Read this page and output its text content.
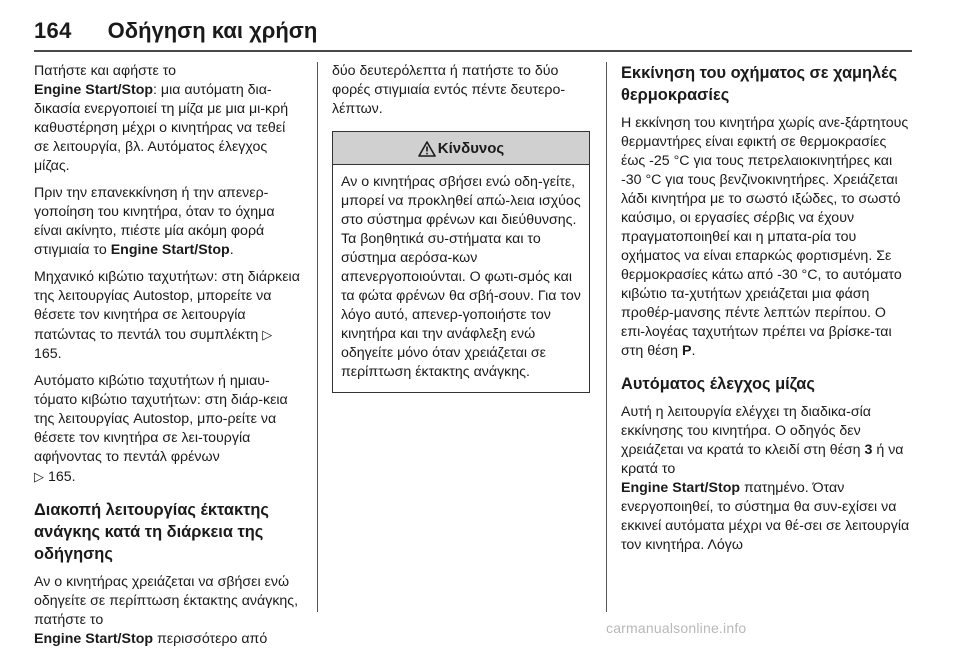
164 Οδήγηση και χρήση

Πατήστε και αφήστε το
Engine Start/Stop: μια αυτόματη δια-δικασία ενεργοποιεί τη μίζα με μια μι-κρή καθυστέρηση μέχρι ο κινητήρας να τεθεί σε λειτουργία, βλ. Αυτόματος έλεγχος μίζας.

Πριν την επανεκκίνηση ή την απενερ-γοποίηση του κινητήρα, όταν το όχημα είναι ακίνητο, πιέστε μία ακόμη φορά στιγμιαία το Engine Start/Stop.

Μηχανικό κιβώτιο ταχυτήτων: στη διάρκεια της λειτουργίας Autostop, μπορείτε να θέσετε τον κινητήρα σε λειτουργία πατώντας το πεντάλ του συμπλέκτη ▷ 165.

Αυτόματο κιβώτιο ταχυτήτων ή ημιαυ-τόματο κιβώτιο ταχυτήτων: στη διάρ-κεια της λειτουργίας Autostop, μπο-ρείτε να θέσετε τον κινητήρα σε λει-τουργία αφήνοντας το πεντάλ φρένων
▷ 165.

Διακοπή λειτουργίας έκτακτης ανάγκης κατά τη διάρκεια της οδήγησης

Αν ο κινητήρας χρειάζεται να σβήσει ενώ οδηγείτε σε περίπτωση έκτακτης ανάγκης, πατήστε το
Engine Start/Stop περισσότερο από

δύο δευτερόλεπτα ή πατήστε το δύο φορές στιγμιαία εντός πέντε δευτερο-λέπτων.

Κίνδυνος
Αν ο κινητήρας σβήσει ενώ οδη-γείτε, μπορεί να προκληθεί απώ-λεια ισχύος στο σύστημα φρένων και διεύθυνσης. Τα βοηθητικά συ-στήματα και το σύστημα αερόσα-κων απενεργοποιούνται. Ο φωτι-σμός και τα φώτα φρένων θα σβή-σουν. Για τον λόγο αυτό, απενερ-γοποιήστε τον κινητήρα και την ανάφλεξη ενώ οδηγείτε μόνο όταν χρειάζεται σε περίπτωση έκτακτης ανάγκης.
Εκκίνηση του οχήματος σε χαμηλές θερμοκρασίες

Η εκκίνηση του κινητήρα χωρίς ανε-ξάρτητους θερμαντήρες είναι εφικτή σε θερμοκρασίες έως -25 °C για τους πετρελαιοκινητήρες και -30 °C για τους βενζινοκινητήρες. Χρειάζεται λάδι κινητήρα με το σωστό ιξώδες, το σωστό καύσιμο, οι εργασίες σέρβις να έχουν πραγματοποιηθεί και η μπατα-ρία του οχήματος να είναι επαρκώς φορτισμένη. Σε θερμοκρασίες κάτω από -30 °C, το αυτόματο κιβώτιο τα-χυτήτων χρειάζεται μια φάση προθέρ-μανσης πέντε λεπτών περίπου. Ο επι-λογέας ταχυτήτων πρέπει να βρίσκε-ται στη θέση P.

Αυτόματος έλεγχος μίζας

Αυτή η λειτουργία ελέγχει τη διαδικα-σία εκκίνησης του κινητήρα. Ο οδηγός δεν χρειάζεται να κρατά το κλειδί στη θέση 3 ή να κρατά το
Engine Start/Stop πατημένο. Όταν ενεργοποιηθεί, το σύστημα θα συν-εχίσει να εκκινεί αυτόματα μέχρι να θέ-σει σε λειτουργία τον κινητήρα. Λόγω

carmanualsonline.info
